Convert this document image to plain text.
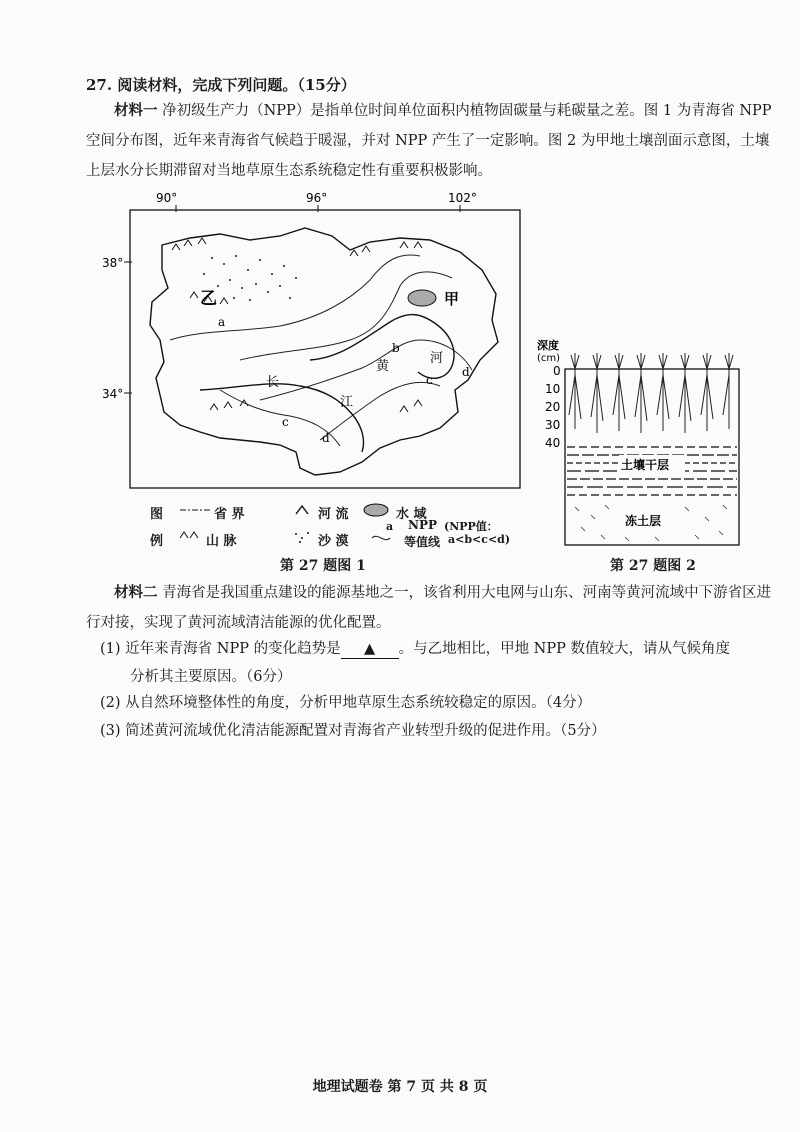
27. 阅读材料，完成下列问题。（15分）
材料一 净初级生产力（NPP）是指单位时间单位面积内植物固碳量与耗碳量之差。图 1 为青海省 NPP 空间分布图，近年来青海省气候趋于暖湿，并对 NPP 产生了一定影响。图 2 为甲地土壤剖面示意图，土壤上层水分长期滞留对当地草原生态系统稳定性有重要积极影响。
90°	96°	102°
38°
34°
甲
乙
黄
河
长
江
a
b
c
d
c
d
图
例
省 界	河 流	水 域
山 脉	沙 漠
a NPP
等值线
(NPP值：
a<b<c<d)
第 27 题图 1
深度
(cm)
0
10
20
30
40
土壤干层
冻土层
第 27 题图 2
材料二 青海省是我国重点建设的能源基地之一，该省利用大电网与山东、河南等黄河流域中下游省区进行对接，实现了黄河流域清洁能源的优化配置。
(1) 近年来青海省 NPP 的变化趋势是 ▲ 。与乙地相比，甲地 NPP 数值较大，请从气候角度
分析其主要原因。（6分）
(2) 从自然环境整体性的角度，分析甲地草原生态系统较稳定的原因。（4分）
(3) 简述黄河流域优化清洁能源配置对青海省产业转型升级的促进作用。（5分）
地理试题卷 第 7 页 共 8 页
